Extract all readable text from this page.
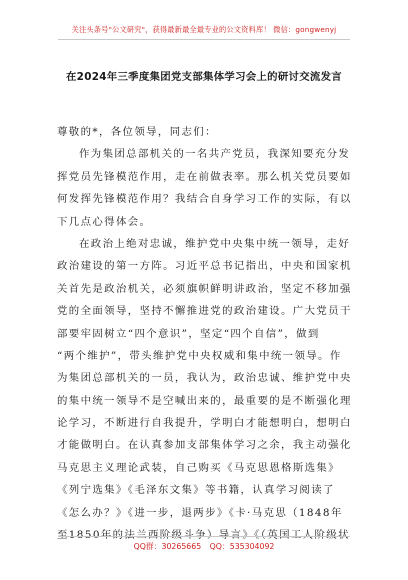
关注头条号"公文研究"，获得最新最全最专业的公文资料库！ 微信：gongwenyj
在2024年三季度集团党支部集体学习会上的研讨交流发言
尊敬的*，各位领导，同志们：
作为集团总部机关的一名共产党员，我深知要充分发
挥党员先锋模范作用，走在前做表率。那么机关党员要如
何发挥先锋模范作用？我结合自身学习工作的实际，有以
下几点心得体会。
在政治上绝对忠诚，维护党中央集中统一领导，走好
政治建设的第一方阵。习近平总书记指出，中央和国家机
关首先是政治机关，必须旗帜鲜明讲政治，坚定不移加强
党的全面领导，坚持不懈推进党的政治建设。广大党员干
部要牢固树立“四个意识”，坚定“四个自信”，做到
“两个维护”，带头维护党中央权威和集中统一领导。作
为集团总部机关的一员，我认为，政治忠诚、维护党中央
的集中统一领导不是空喊出来的，最重要的是不断强化理
论学习，不断进行自我提升，学明白才能想明白，想明白
才能做明白。在认真参加支部集体学习之余，我主动强化
马克思主义理论武装，自己购买《马克思恩格斯选集》
《列宁选集》《毛泽东文集》等书籍，认真学习阅读了
《怎么办？》《进一步，退两步》《卡·马克思（1848年
至1850年的法兰西阶级斗争）导言》《（英国工人阶级状
QQ群：30265665 QQ：535304092
